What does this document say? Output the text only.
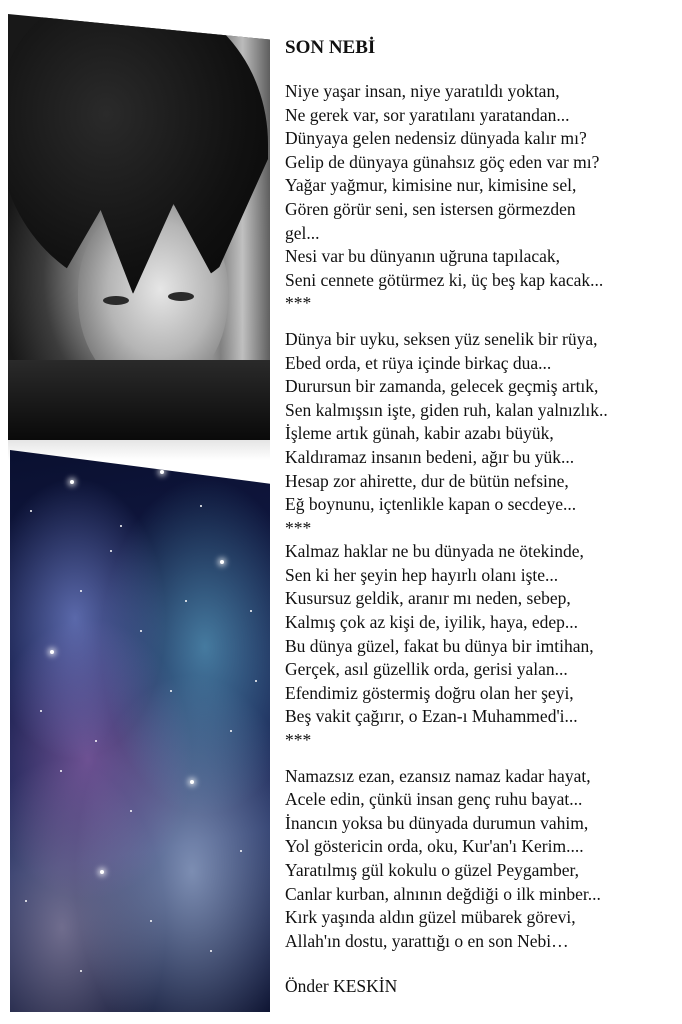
SON NEBİ
Niye yaşar insan, niye yaratıldı yoktan,
Ne gerek var, sor yaratılanı yaratandan...
Dünyaya gelen nedensiz dünyada kalır mı?
Gelip de dünyaya günahsız göç eden var mı?
Yağar yağmur, kimisine nur, kimisine sel,
Gören görür seni, sen istersen görmezden
gel...
Nesi var bu dünyanın uğruna tapılacak,
Seni cennete götürmez ki, üç beş kap kacak...
***
Dünya bir uyku, seksen yüz senelik bir rüya,
Ebed orda, et rüya içinde birkaç dua...
Durursun bir zamanda, gelecek geçmiş artık,
Sen kalmışsın işte, giden ruh, kalan yalnızlık..
İşleme artık günah, kabir azabı büyük,
Kaldıramaz insanın bedeni, ağır bu yük...
Hesap zor ahirette, dur de bütün nefsine,
Eğ boynunu, içtenlikle kapan o secdeye...
***
Kalmaz haklar ne bu dünyada ne ötekinde,
Sen ki her şeyin hep hayırlı olanı işte...
Kusursuz geldik, aranır mı neden, sebep,
Kalmış çok az kişi de, iyilik, haya, edep...
Bu dünya güzel, fakat bu dünya bir imtihan,
Gerçek, asıl güzellik orda, gerisi yalan...
Efendimiz göstermiş doğru olan her şeyi,
Beş vakit çağırır, o Ezan-ı Muhammed'i...
***
Namazsız ezan, ezansız namaz kadar hayat,
Acele edin, çünkü insan genç ruhu bayat...
İnancın yoksa bu dünyada durumun vahim,
Yol göstericin orda, oku, Kur'an'ı Kerim....
Yaratılmış gül kokulu o güzel Peygamber,
Canlar kurban, alnının değdiği o ilk minber...
Kırk yaşında aldın güzel mübarek görevi,
Allah'ın dostu, yarattığı o en son Nebi…
Önder KESKİN
